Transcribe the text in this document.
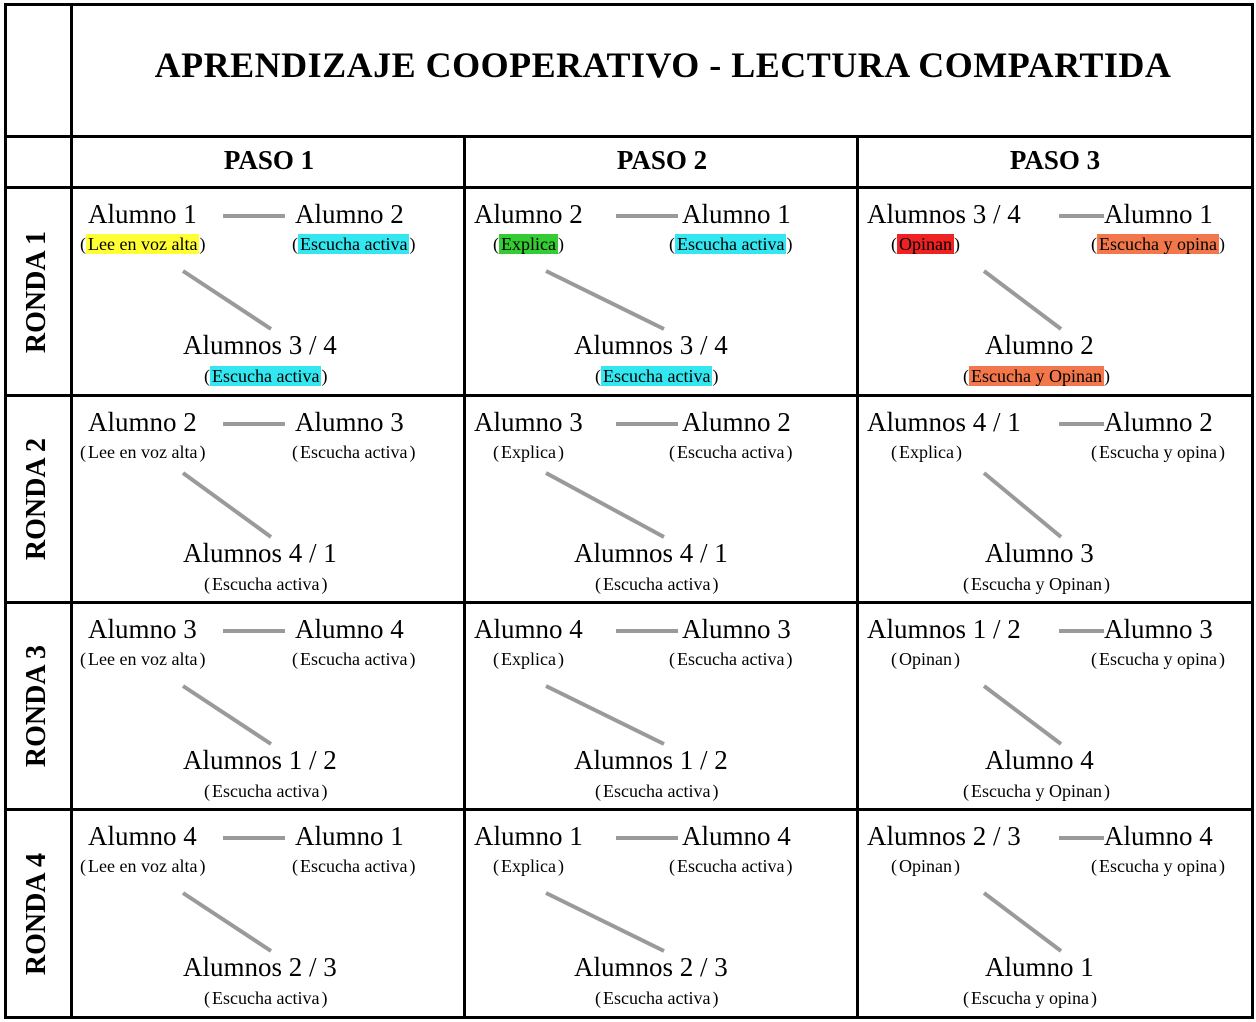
APRENDIZAJE COOPERATIVO - LECTURA COMPARTIDA
PASO 1	PASO 2	PASO 3
RONDA 1
RONDA 2
RONDA 3
RONDA 4
Alumno 1
( Lee en voz alta )
Alumno 2
( Escucha activa )
Alumnos 3 / 4
( Escucha activa )
Alumno 2
( Explica )
Alumno 1
( Escucha activa )
Alumnos 3 / 4
( Escucha activa )
Alumnos 3 / 4
( Opinan )
Alumno 1
( Escucha y opina )
Alumno 2
( Escucha y Opinan )
Alumno 2
( Lee en voz alta )
Alumno 3
( Escucha activa )
Alumnos 4 / 1
( Escucha activa )
Alumno 3
( Explica )
Alumno 2
( Escucha activa )
Alumnos 4 / 1
( Escucha activa )
Alumnos 4 / 1
( Explica )
Alumno 2
( Escucha y opina )
Alumno 3
( Escucha y Opinan )
Alumno 3
( Lee en voz alta )
Alumno 4
( Escucha activa )
Alumnos 1 / 2
( Escucha activa )
Alumno 4
( Explica )
Alumno 3
( Escucha activa )
Alumnos 1 / 2
( Escucha activa )
Alumnos 1 / 2
( Opinan )
Alumno 3
( Escucha y opina )
Alumno 4
( Escucha y Opinan )
Alumno 4
( Lee en voz alta )
Alumno 1
( Escucha activa )
Alumnos 2 / 3
( Escucha activa )
Alumno 1
( Explica )
Alumno 4
( Escucha activa )
Alumnos 2 / 3
( Escucha activa )
Alumnos 2 / 3
( Opinan )
Alumno 4
( Escucha y opina )
Alumno 1
( Escucha y opina )
